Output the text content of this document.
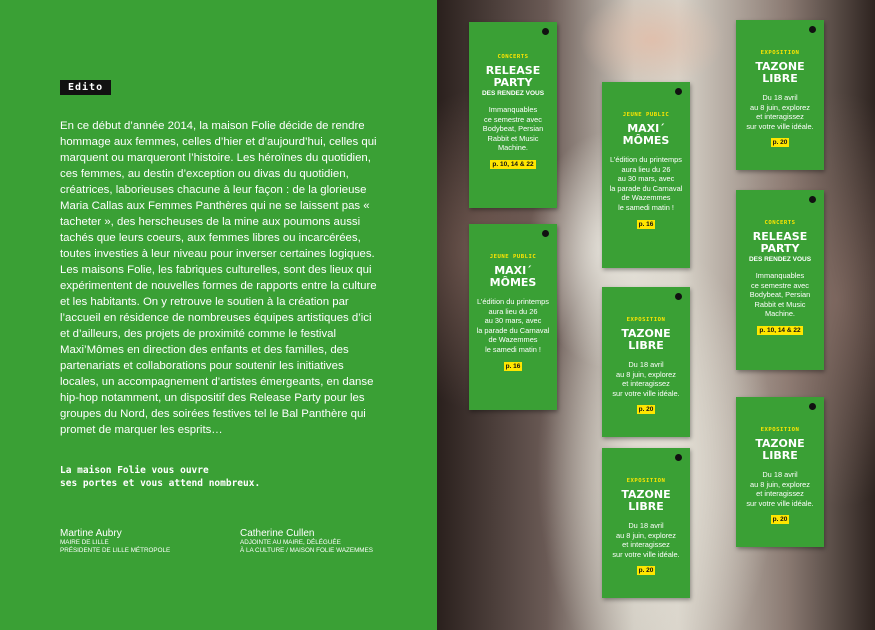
Edito

En ce début d’année 2014, la maison Folie décide de rendre hommage aux femmes, celles d’hier et d’aujourd’hui, celles qui marquent ou marqueront l’histoire. Les héroïnes du quotidien, ces femmes, au destin d’exception ou divas du quotidien, créatrices, laborieuses chacune à leur façon : de la glorieuse Maria Callas aux Femmes Panthères qui ne se laissent pas « tacheter », des herscheuses de la mine aux poumons aussi tachés que leurs coeurs, aux femmes libres ou incarcérées, toutes investies à leur niveau pour inverser certaines logiques. Les maisons Folie, les fabriques culturelles, sont des lieux qui expérimentent de nouvelles formes de rapports entre la culture et les habitants. On y retrouve le soutien à la création par l’accueil en résidence de nombreuses équipes artistiques d’ici et d’ailleurs, des projets de proximité comme le festival Maxi’Mômes en direction des enfants et des familles, des partenariats et collaborations pour soutenir les initiatives locales, un accompagnement d’artistes émergeants, en danse hip-hop notamment, un dispositif des Release Party pour les groupes du Nord, des soirées festives tel le Bal Panthère qui promet de marquer les esprits…

La maison Folie vous ouvre
ses portes et vous attend nombreux.

Martine Aubry
MAIRE DE LILLE
PRÉSIDENTE DE LILLE MÉTROPOLE
Catherine Cullen
ADJOINTE AU MAIRE, DÉLÉGUÉE
À LA CULTURE / MAISON FOLIE WAZEMMES
CONCERTS
RELEASE
PARTY
DES RENDEZ VOUS
Immanquables
ce semestre avec
Bodybeat, Persian
Rabbit et Music
Machine.
p. 10, 14 & 22
JEUNE PUBLIC
MAXI´
MÔMES
L’édition du printemps
aura lieu du 26
au 30 mars, avec
la parade du Carnaval
de Wazemmes
le samedi matin !
p. 16
JEUNE PUBLIC
MAXI´
MÔMES
L’édition du printemps
aura lieu du 26
au 30 mars, avec
la parade du Carnaval
de Wazemmes
le samedi matin !
p. 16
EXPOSITION
TAZONE LIBRE
Du 18 avril
au 8 juin, explorez
et interagissez
sur votre ville idéale.
p. 20
EXPOSITION
TAZONE LIBRE
Du 18 avril
au 8 juin, explorez
et interagissez
sur votre ville idéale.
p. 20
EXPOSITION
TAZONE LIBRE
Du 18 avril
au 8 juin, explorez
et interagissez
sur votre ville idéale.
p. 20
CONCERTS
RELEASE
PARTY
DES RENDEZ VOUS
Immanquables
ce semestre avec
Bodybeat, Persian
Rabbit et Music
Machine.
p. 10, 14 & 22
EXPOSITION
TAZONE LIBRE
Du 18 avril
au 8 juin, explorez
et interagissez
sur votre ville idéale.
p. 20
